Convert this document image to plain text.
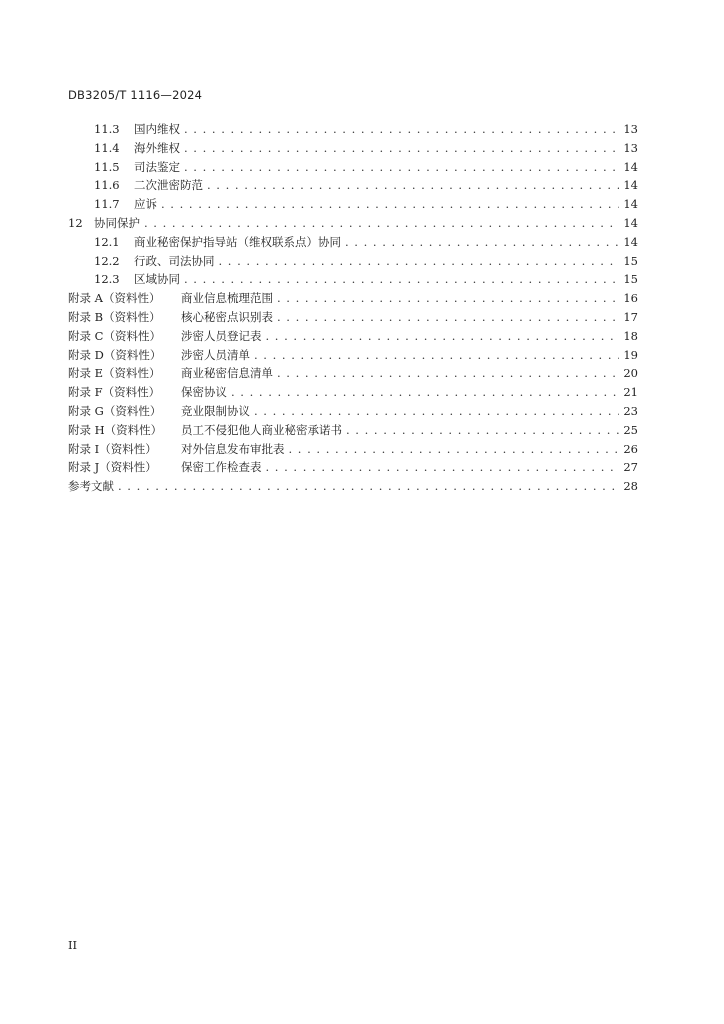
DB3205/T 1116—2024
11.3	国内维权 . . .	13
11.4	海外维权 . . .	13
11.5	司法鉴定 . . .	14
11.6	二次泄密防范 . . .	14
11.7	应诉 . . .	14
12 协同保护 . . .	14
12.1	商业秘密保护指导站（维权联系点）协同 . . .	14
12.2	行政、司法协同 . . .	15
12.3	区域协同 . . .	15
附录 A（资料性）	商业信息梳理范围 . . .	16
附录 B（资料性）	核心秘密点识别表 . . .	17
附录 C（资料性）	涉密人员登记表 . . .	18
附录 D（资料性）	涉密人员清单 . . .	19
附录 E（资料性）	商业秘密信息清单 . . .	20
附录 F（资料性）	保密协议 . . .	21
附录 G（资料性）	竞业限制协议 . . .	23
附录 H（资料性）	员工不侵犯他人商业秘密承诺书 . . .	25
附录 I（资料性）	对外信息发布审批表 . . .	26
附录 J（资料性）	保密工作检查表 . . .	27
参考文献 . . .	28
II
